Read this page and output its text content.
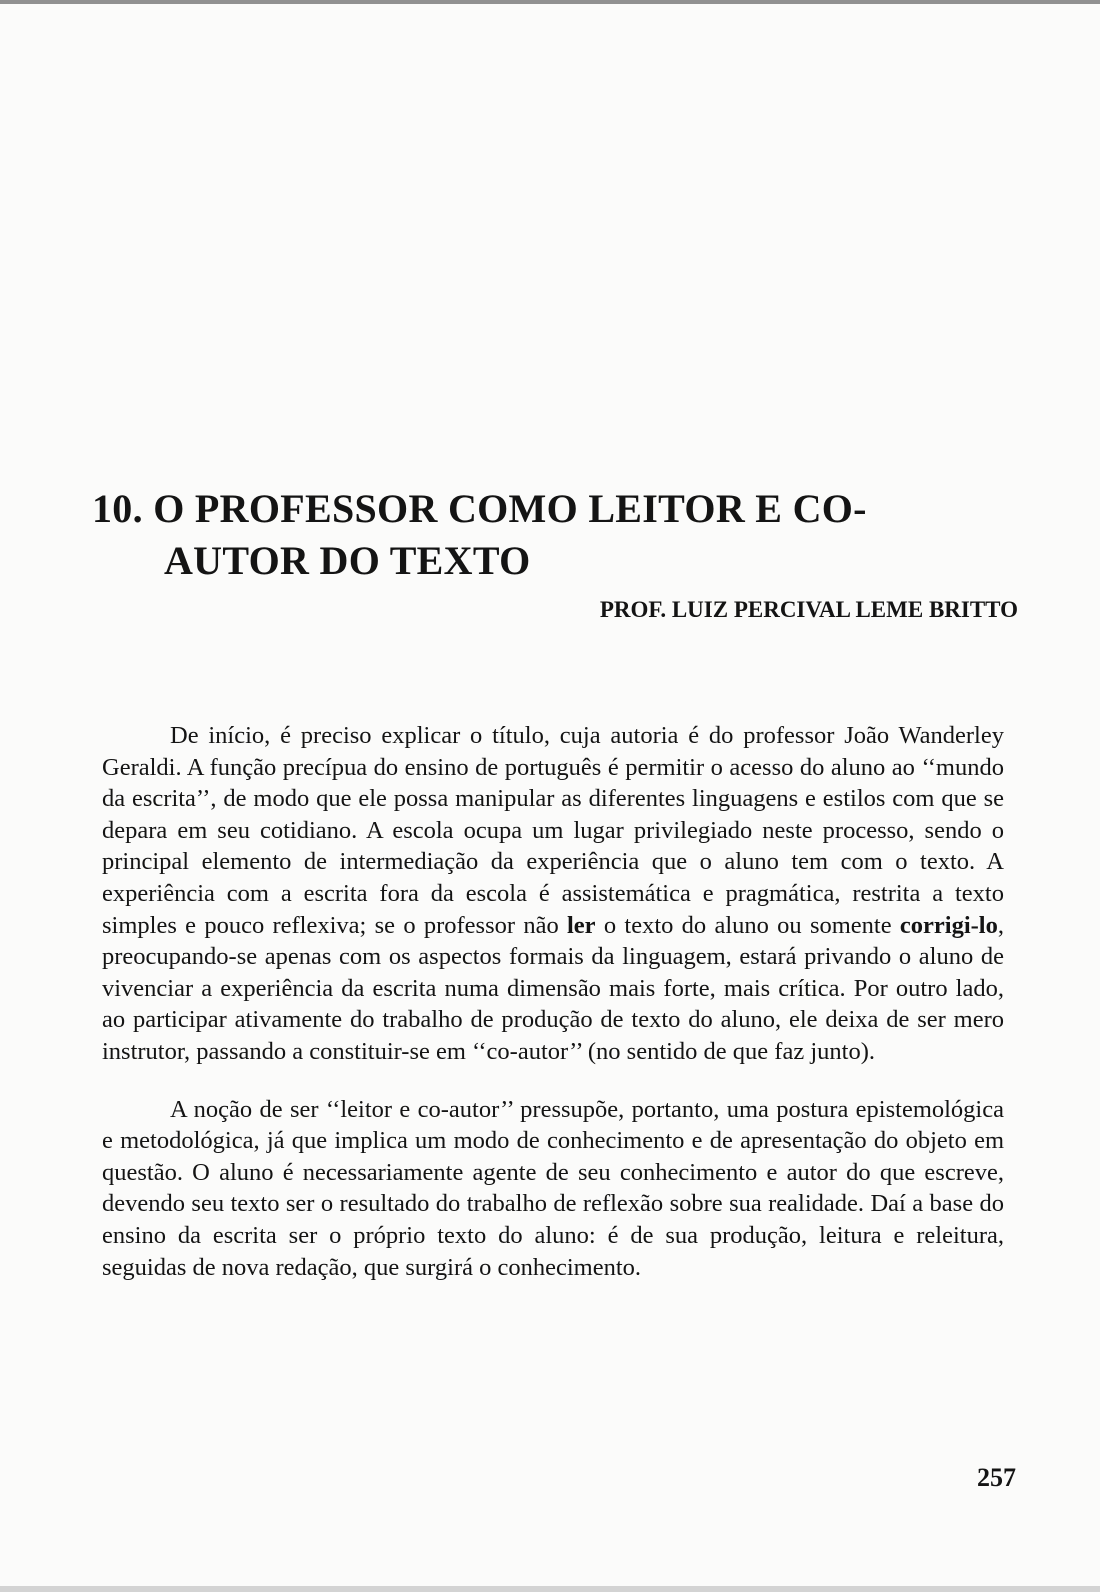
10. O PROFESSOR COMO LEITOR E CO-
AUTOR DO TEXTO

PROF. LUIZ PERCIVAL LEME BRITTO

De início, é preciso explicar o título, cuja autoria é do professor João Wanderley Geraldi. A função precípua do ensino de português é permitir o acesso do aluno ao ‘‘mundo da escrita’’, de modo que ele possa manipular as diferentes linguagens e estilos com que se depara em seu cotidiano. A escola ocupa um lugar privilegiado neste processo, sendo o principal elemento de intermediação da experiência que o aluno tem com o texto. A experiência com a escrita fora da escola é assistemática e pragmática, restrita a texto simples e pouco reflexiva; se o professor não ler o texto do aluno ou somente corrigi-lo, preocupando-se apenas com os aspectos formais da linguagem, estará privando o aluno de vivenciar a experiência da escrita numa dimensão mais forte, mais crítica. Por outro lado, ao participar ativamente do trabalho de produção de texto do aluno, ele deixa de ser mero instrutor, passando a constituir-se em ‘‘co-autor’’ (no sentido de que faz junto).

A noção de ser ‘‘leitor e co-autor’’ pressupõe, portanto, uma postura epistemológica e metodológica, já que implica um modo de conhecimento e de apresentação do objeto em questão. O aluno é necessariamente agente de seu conhecimento e autor do que escreve, devendo seu texto ser o resultado do trabalho de reflexão sobre sua realidade. Daí a base do ensino da escrita ser o próprio texto do aluno: é de sua produção, leitura e releitura, seguidas de nova redação, que surgirá o conhecimento.

257
